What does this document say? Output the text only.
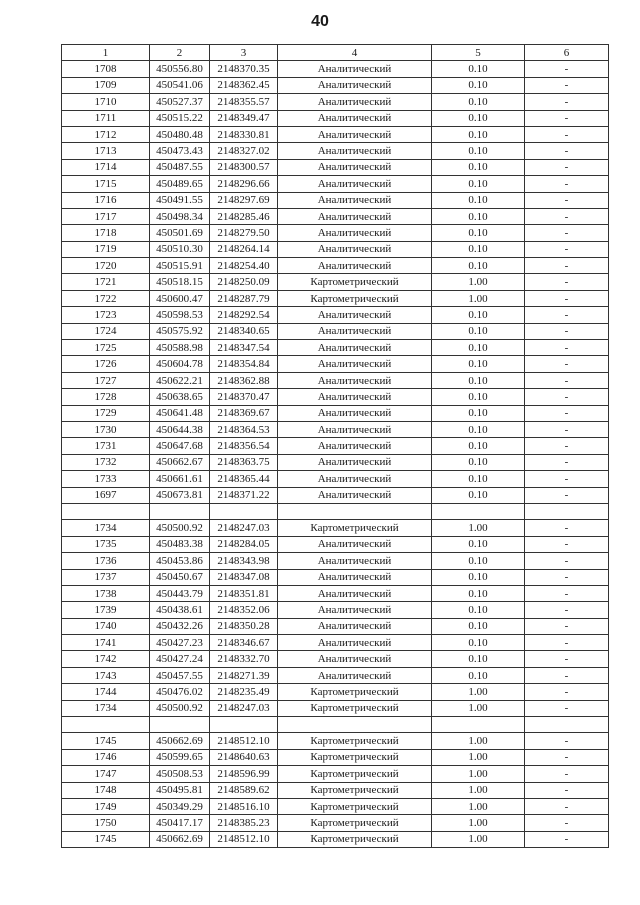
40
1	2	3	4	5	6
1708	450556.80	2148370.35	Аналитический	0.10	-
1709	450541.06	2148362.45	Аналитический	0.10	-
1710	450527.37	2148355.57	Аналитический	0.10	-
1711	450515.22	2148349.47	Аналитический	0.10	-
1712	450480.48	2148330.81	Аналитический	0.10	-
1713	450473.43	2148327.02	Аналитический	0.10	-
1714	450487.55	2148300.57	Аналитический	0.10	-
1715	450489.65	2148296.66	Аналитический	0.10	-
1716	450491.55	2148297.69	Аналитический	0.10	-
1717	450498.34	2148285.46	Аналитический	0.10	-
1718	450501.69	2148279.50	Аналитический	0.10	-
1719	450510.30	2148264.14	Аналитический	0.10	-
1720	450515.91	2148254.40	Аналитический	0.10	-
1721	450518.15	2148250.09	Картометрический	1.00	-
1722	450600.47	2148287.79	Картометрический	1.00	-
1723	450598.53	2148292.54	Аналитический	0.10	-
1724	450575.92	2148340.65	Аналитический	0.10	-
1725	450588.98	2148347.54	Аналитический	0.10	-
1726	450604.78	2148354.84	Аналитический	0.10	-
1727	450622.21	2148362.88	Аналитический	0.10	-
1728	450638.65	2148370.47	Аналитический	0.10	-
1729	450641.48	2148369.67	Аналитический	0.10	-
1730	450644.38	2148364.53	Аналитический	0.10	-
1731	450647.68	2148356.54	Аналитический	0.10	-
1732	450662.67	2148363.75	Аналитический	0.10	-
1733	450661.61	2148365.44	Аналитический	0.10	-
1697	450673.81	2148371.22	Аналитический	0.10	-

1734	450500.92	2148247.03	Картометрический	1.00	-
1735	450483.38	2148284.05	Аналитический	0.10	-
1736	450453.86	2148343.98	Аналитический	0.10	-
1737	450450.67	2148347.08	Аналитический	0.10	-
1738	450443.79	2148351.81	Аналитический	0.10	-
1739	450438.61	2148352.06	Аналитический	0.10	-
1740	450432.26	2148350.28	Аналитический	0.10	-
1741	450427.23	2148346.67	Аналитический	0.10	-
1742	450427.24	2148332.70	Аналитический	0.10	-
1743	450457.55	2148271.39	Аналитический	0.10	-
1744	450476.02	2148235.49	Картометрический	1.00	-
1734	450500.92	2148247.03	Картометрический	1.00	-

1745	450662.69	2148512.10	Картометрический	1.00	-
1746	450599.65	2148640.63	Картометрический	1.00	-
1747	450508.53	2148596.99	Картометрический	1.00	-
1748	450495.81	2148589.62	Картометрический	1.00	-
1749	450349.29	2148516.10	Картометрический	1.00	-
1750	450417.17	2148385.23	Картометрический	1.00	-
1745	450662.69	2148512.10	Картометрический	1.00	-
